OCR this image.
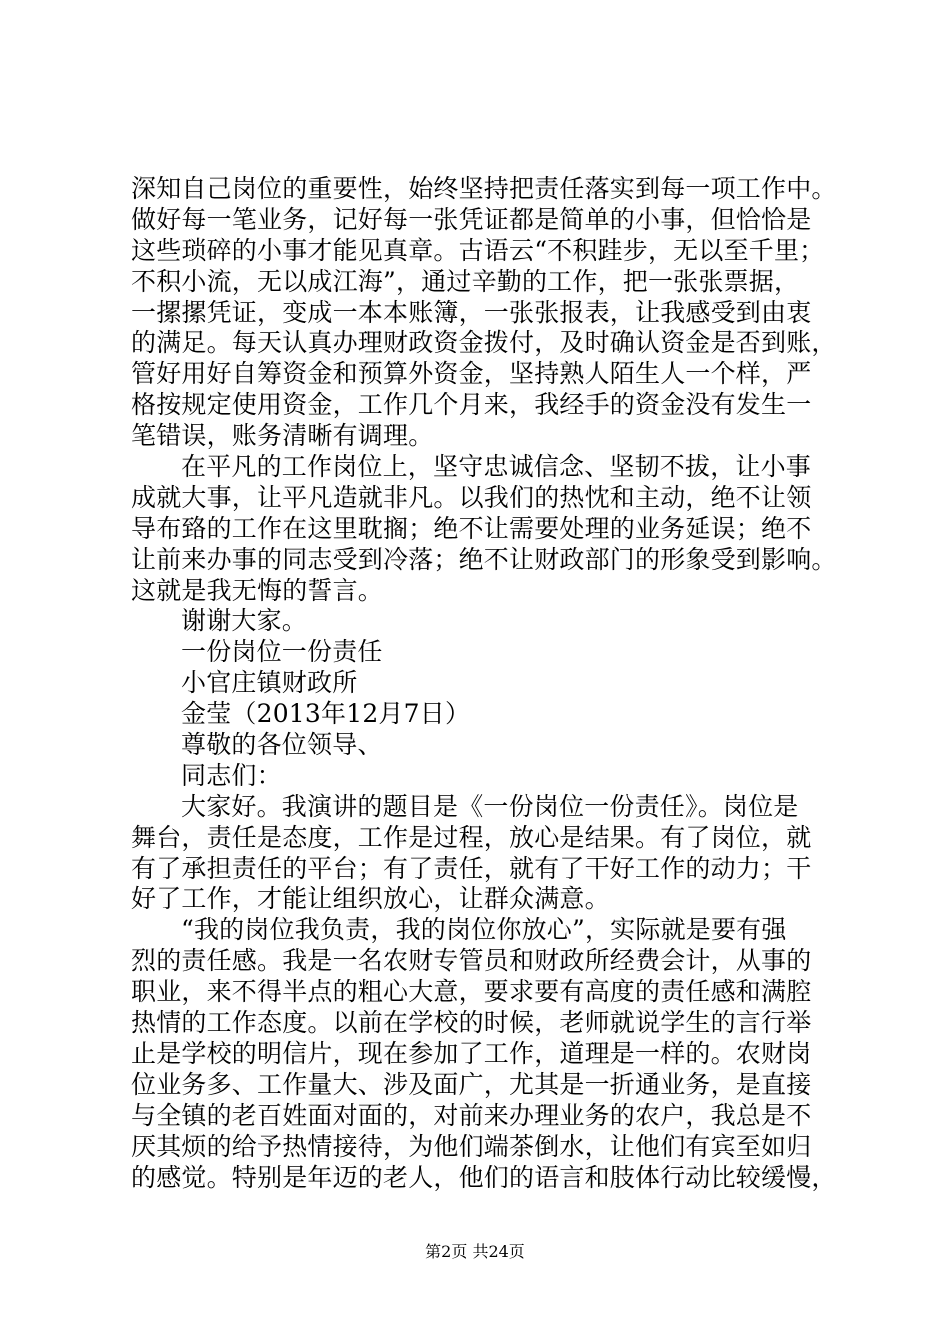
深知自己岗位的重要性，始终坚持把责任落实到每一项工作中。
做好每一笔业务，记好每一张凭证都是简单的小事，但恰恰是
这些琐碎的小事才能见真章。古语云“不积跬步，无以至千里；
不积小流，无以成江海”，通过辛勤的工作，把一张张票据，
一摞摞凭证，变成一本本账簿，一张张报表，让我感受到由衷
的满足。每天认真办理财政资金拨付，及时确认资金是否到账，
管好用好自筹资金和预算外资金，坚持熟人陌生人一个样，严
格按规定使用资金，工作几个月来，我经手的资金没有发生一
笔错误，账务清晰有调理。
在平凡的工作岗位上，坚守忠诚信念、坚韧不拔，让小事
成就大事，让平凡造就非凡。以我们的热忱和主动，绝不让领
导布臵的工作在这里耽搁；绝不让需要处理的业务延误；绝不
让前来办事的同志受到冷落；绝不让财政部门的形象受到影响。
这就是我无悔的誓言。
谢谢大家。
一份岗位一份责任
小官庄镇财政所
金莹（2013年12月7日）
尊敬的各位领导、
同志们：
大家好。我演讲的题目是《一份岗位一份责任》。岗位是
舞台，责任是态度，工作是过程，放心是结果。有了岗位，就
有了承担责任的平台；有了责任，就有了干好工作的动力；干
好了工作，才能让组织放心，让群众满意。
“我的岗位我负责，我的岗位你放心”，实际就是要有强
烈的责任感。我是一名农财专管员和财政所经费会计，从事的
职业，来不得半点的粗心大意，要求要有高度的责任感和满腔
热情的工作态度。以前在学校的时候，老师就说学生的言行举
止是学校的明信片，现在参加了工作，道理是一样的。农财岗
位业务多、工作量大、涉及面广，尤其是一折通业务，是直接
与全镇的老百姓面对面的，对前来办理业务的农户，我总是不
厌其烦的给予热情接待，为他们端茶倒水，让他们有宾至如归
的感觉。特别是年迈的老人，他们的语言和肢体行动比较缓慢，
第2页 共24页
